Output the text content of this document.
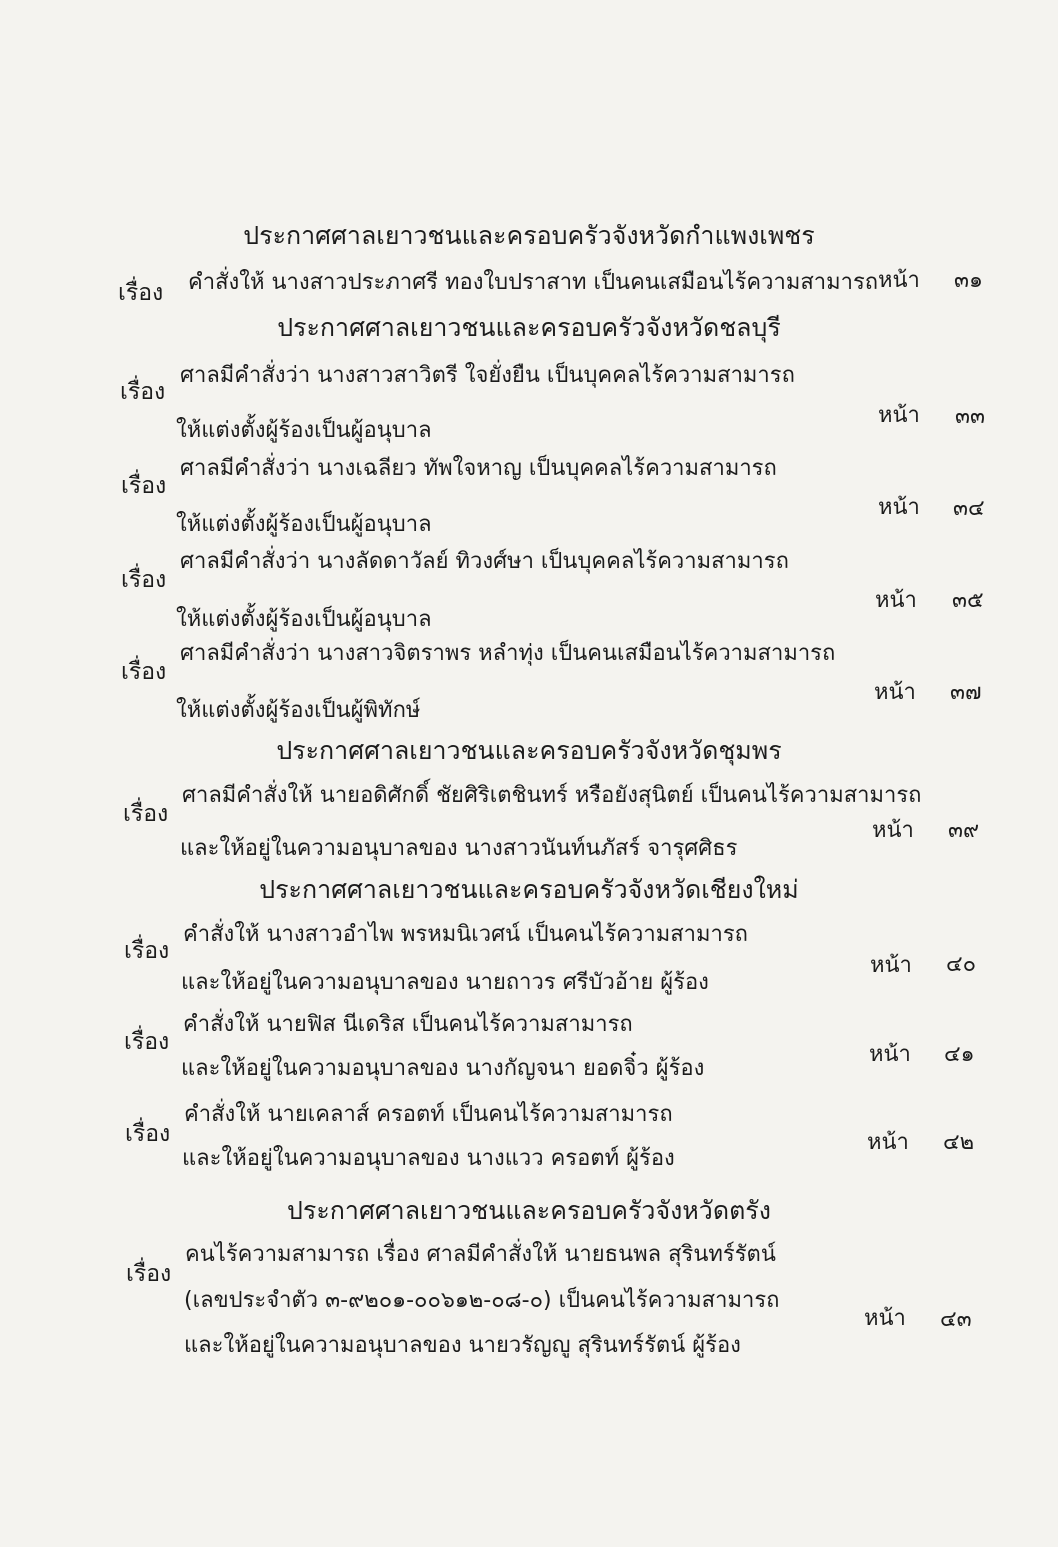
ประกาศศาลเยาวชนและครอบครัวจังหวัดกำแพงเพชร
เรื่อง คำสั่งให้ นางสาวประภาศรี ทองใบปราสาท เป็นคนเสมือนไร้ความสามารถ หน้า ๓๑
ประกาศศาลเยาวชนและครอบครัวจังหวัดชลบุรี
เรื่อง
ศาลมีคำสั่งว่า นางสาวสาวิตรี ใจยั่งยืน เป็นบุคคลไร้ความสามารถ
ให้แต่งตั้งผู้ร้องเป็นผู้อนุบาล
หน้า ๓๓
เรื่อง
ศาลมีคำสั่งว่า นางเฉลียว ทัพใจหาญ เป็นบุคคลไร้ความสามารถ
ให้แต่งตั้งผู้ร้องเป็นผู้อนุบาล
หน้า ๓๔
เรื่อง
ศาลมีคำสั่งว่า นางลัดดาวัลย์ ทิวงศ์ษา เป็นบุคคลไร้ความสามารถ
ให้แต่งตั้งผู้ร้องเป็นผู้อนุบาล
หน้า ๓๕
เรื่อง
ศาลมีคำสั่งว่า นางสาวจิตราพร หลำทุ่ง เป็นคนเสมือนไร้ความสามารถ
ให้แต่งตั้งผู้ร้องเป็นผู้พิทักษ์
หน้า ๓๗
ประกาศศาลเยาวชนและครอบครัวจังหวัดชุมพร
เรื่อง
ศาลมีคำสั่งให้ นายอดิศักดิ์ ชัยศิริเตชินทร์ หรือยังสุนิตย์ เป็นคนไร้ความสามารถ
และให้อยู่ในความอนุบาลของ นางสาวนันท์นภัสร์ จารุศศิธร
หน้า ๓๙
ประกาศศาลเยาวชนและครอบครัวจังหวัดเชียงใหม่
เรื่อง
คำสั่งให้ นางสาวอำไพ พรหมนิเวศน์ เป็นคนไร้ความสามารถ
และให้อยู่ในความอนุบาลของ นายถาวร ศรีบัวอ้าย ผู้ร้อง
หน้า ๔๐
เรื่อง
คำสั่งให้ นายฟิส นีเดริส เป็นคนไร้ความสามารถ
และให้อยู่ในความอนุบาลของ นางกัญจนา ยอดจิ๋ว ผู้ร้อง
หน้า ๔๑
เรื่อง
คำสั่งให้ นายเคลาส์ ครอตท์ เป็นคนไร้ความสามารถ
และให้อยู่ในความอนุบาลของ นางแวว ครอตท์ ผู้ร้อง
หน้า ๔๒
ประกาศศาลเยาวชนและครอบครัวจังหวัดตรัง
เรื่อง
คนไร้ความสามารถ เรื่อง ศาลมีคำสั่งให้ นายธนพล สุรินทร์รัตน์
(เลขประจำตัว ๓-๙๒๐๑-๐๐๖๑๒-๐๘-๐) เป็นคนไร้ความสามารถ
และให้อยู่ในความอนุบาลของ นายวรัญญู สุรินทร์รัตน์ ผู้ร้อง
หน้า ๔๓
